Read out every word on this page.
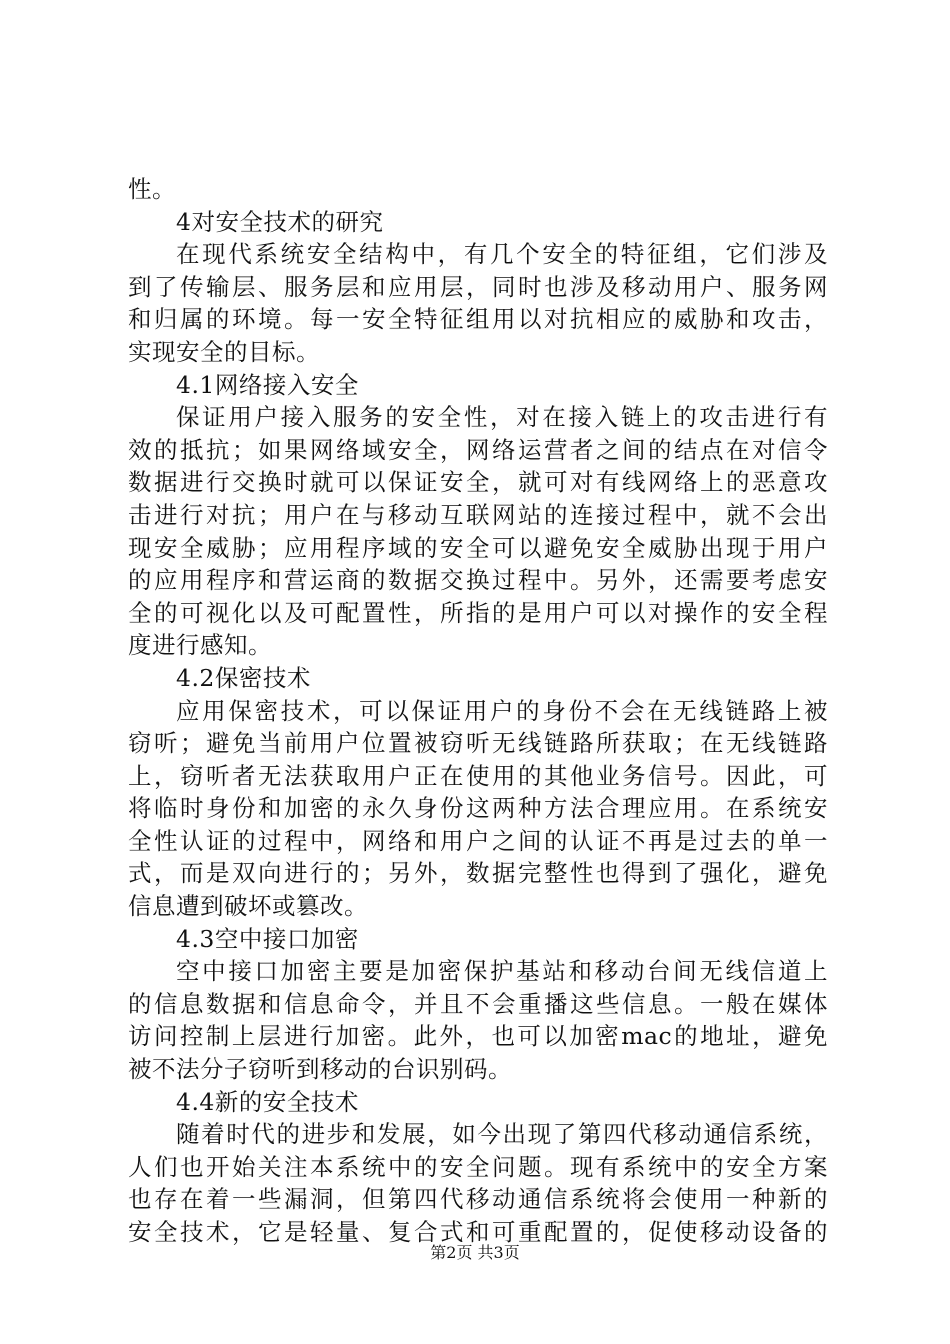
性。
4对安全技术的研究
在现代系统安全结构中，有几个安全的特征组，它们涉及
到了传输层、服务层和应用层，同时也涉及移动用户、服务网
和归属的环境。每一安全特征组用以对抗相应的威胁和攻击，
实现安全的目标。
4.1网络接入安全
保证用户接入服务的安全性，对在接入链上的攻击进行有
效的抵抗；如果网络域安全，网络运营者之间的结点在对信令
数据进行交换时就可以保证安全，就可对有线网络上的恶意攻
击进行对抗；用户在与移动互联网站的连接过程中，就不会出
现安全威胁；应用程序域的安全可以避免安全威胁出现于用户
的应用程序和营运商的数据交换过程中。另外，还需要考虑安
全的可视化以及可配置性，所指的是用户可以对操作的安全程
度进行感知。
4.2保密技术
应用保密技术，可以保证用户的身份不会在无线链路上被
窃听；避免当前用户位置被窃听无线链路所获取；在无线链路
上，窃听者无法获取用户正在使用的其他业务信号。因此，可
将临时身份和加密的永久身份这两种方法合理应用。在系统安
全性认证的过程中，网络和用户之间的认证不再是过去的单一
式，而是双向进行的；另外，数据完整性也得到了强化，避免
信息遭到破坏或篡改。
4.3空中接口加密
空中接口加密主要是加密保护基站和移动台间无线信道上
的信息数据和信息命令，并且不会重播这些信息。一般在媒体
访问控制上层进行加密。此外，也可以加密mac的地址，避免
被不法分子窃听到移动的台识别码。
4.4新的安全技术
随着时代的进步和发展，如今出现了第四代移动通信系统，
人们也开始关注本系统中的安全问题。现有系统中的安全方案
也存在着一些漏洞，但第四代移动通信系统将会使用一种新的
安全技术，它是轻量、复合式和可重配置的，促使移动设备的
第2页 共3页
